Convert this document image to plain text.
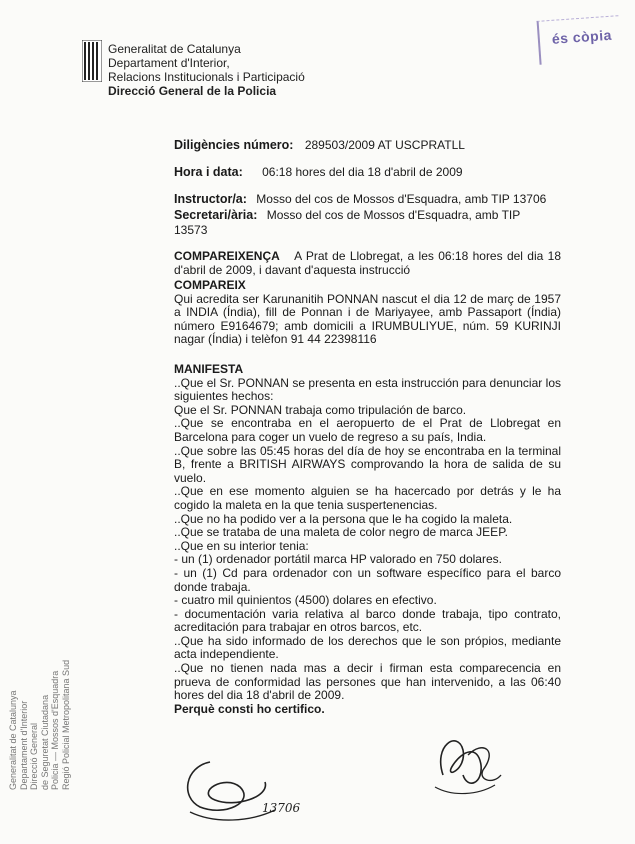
és còpia
Generalitat de Catalunya
Departament d'Interior,
Relacions Institucionals i Participació
Direcció General de la Policia
Diligències número: 289503/2009 AT USCPRATLL
Hora i data: 06:18 hores del dia 18 d'abril de 2009
Instructor/a: Mosso del cos de Mossos d'Esquadra, amb TIP 13706
Secretari/ària: Mosso del cos de Mossos d'Esquadra, amb TIP
13573
COMPAREIXENÇA A Prat de Llobregat, a les 06:18 hores del dia 18 d'abril de 2009, i davant d'aquesta instrucció
COMPAREIX

Qui acredita ser Karunanitih PONNAN nascut el dia 12 de març de 1957 a INDIA (Índia), fill de Ponnan i de Mariyayee, amb Passaport (Índia) número E9164679; amb domicili a IRUMBULIYUE, núm. 59 KURINJI nagar (Índia) i telèfon 91 44 22398116

MANIFESTA

..Que el Sr. PONNAN se presenta en esta instrucción para denunciar los siguientes hechos:

Que el Sr. PONNAN trabaja como tripulación de barco.

..Que se encontraba en el aeropuerto de el Prat de Llobregat en Barcelona para coger un vuelo de regreso a su país, India.

..Que sobre las 05:45 horas del día de hoy se encontraba en la terminal B, frente a BRITISH AIRWAYS comprovando la hora de salida de su vuelo.

..Que en ese momento alguien se ha hacercado por detrás y le ha cogido la maleta en la que tenia suspertenencias.

..Que no ha podido ver a la persona que le ha cogido la maleta.

..Que se trataba de una maleta de color negro de marca JEEP.

..Que en su interior tenia:

- un (1) ordenador portátil marca HP valorado en 750 dolares.

- un (1) Cd para ordenador con un software específico para el barco donde trabaja.

- cuatro mil quinientos (4500) dolares en efectivo.

- documentación varia relativa al barco donde trabaja, tipo contrato, acreditación para trabajar en otros barcos, etc.

..Que ha sido informado de los derechos que le son própios, mediante acta independiente.

..Que no tienen nada mas a decir i firman esta comparecencia en prueva de conformidad las persones que han intervenido, a las 06:40 hores del dia 18 d'abril de 2009.

Perquè consti ho certifico.
Generalitat de Catalunya Departament d'Interior Direcció General de Seguretat Ciutadana Policia — Mossos d'Esquadra Regió Policial Metropolitana Sud
13706
